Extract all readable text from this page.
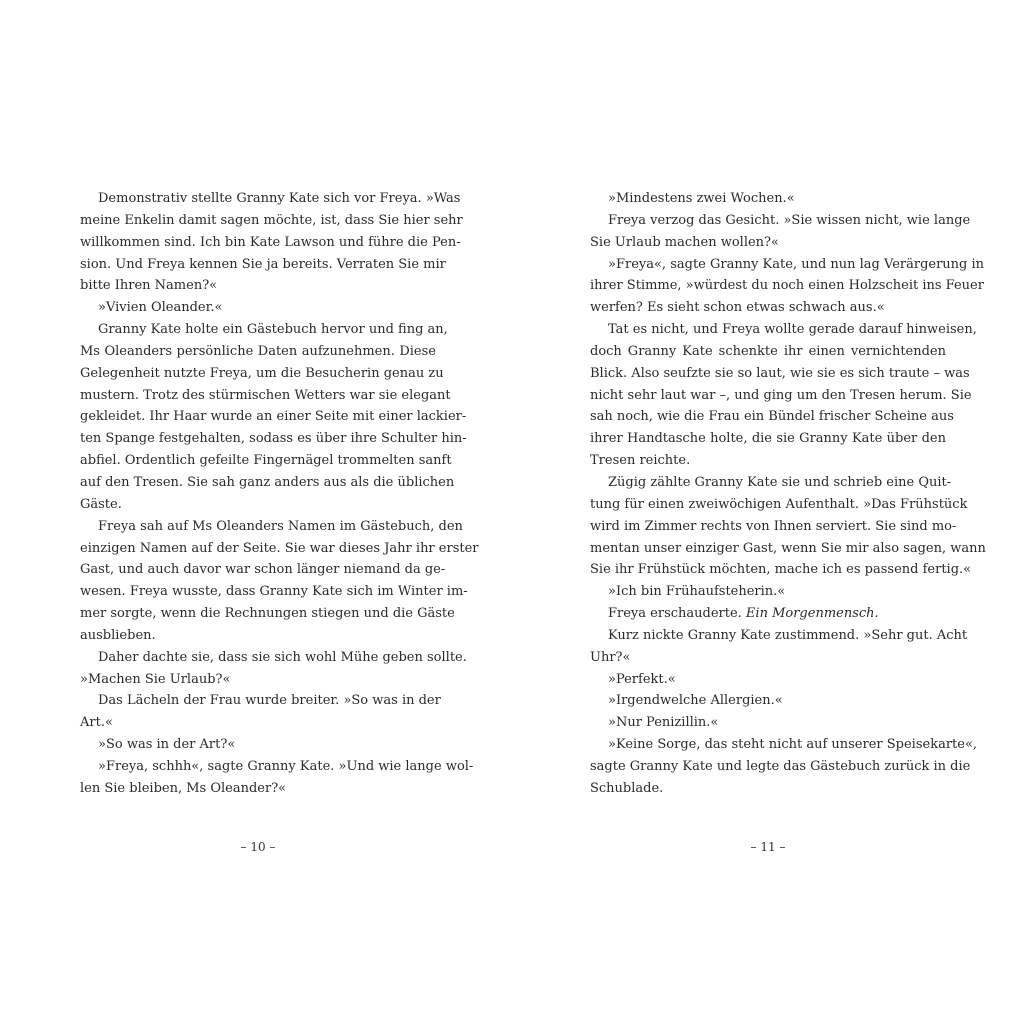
Demonstrativ stellte Granny Kate sich vor Freya. »Was
meine Enkelin damit sagen möchte, ist, dass Sie hier sehr
willkommen sind. Ich bin Kate Lawson und führe die Pen-
sion. Und Freya kennen Sie ja bereits. Verraten Sie mir
bitte Ihren Namen?«
»Vivien Oleander.«
Granny Kate holte ein Gästebuch hervor und fing an,
Ms Oleanders persönliche Daten aufzunehmen. Diese
Gelegenheit nutzte Freya, um die Besucherin genau zu
mustern. Trotz des stürmischen Wetters war sie elegant
gekleidet. Ihr Haar wurde an einer Seite mit einer lackier-
ten Spange festgehalten, sodass es über ihre Schulter hin-
abfiel. Ordentlich gefeilte Fingernägel trommelten sanft
auf den Tresen. Sie sah ganz anders aus als die üblichen
Gäste.
Freya sah auf Ms Oleanders Namen im Gästebuch, den
einzigen Namen auf der Seite. Sie war dieses Jahr ihr erster
Gast, und auch davor war schon länger niemand da ge-
wesen. Freya wusste, dass Granny Kate sich im Winter im-
mer sorgte, wenn die Rechnungen stiegen und die Gäste
ausblieben.
Daher dachte sie, dass sie sich wohl Mühe geben sollte.
»Machen Sie Urlaub?«
Das Lächeln der Frau wurde breiter. »So was in der
Art.«
»So was in der Art?«
»Freya, schhh«, sagte Granny Kate. »Und wie lange wol-
len Sie bleiben, Ms Oleander?«
»Mindestens zwei Wochen.«
Freya verzog das Gesicht. »Sie wissen nicht, wie lange
Sie Urlaub machen wollen?«
»Freya«, sagte Granny Kate, und nun lag Verärgerung in
ihrer Stimme, »würdest du noch einen Holzscheit ins Feuer
werfen? Es sieht schon etwas schwach aus.«
Tat es nicht, und Freya wollte gerade darauf hinweisen,
doch Granny Kate schenkte ihr einen vernichtenden
Blick. Also seufzte sie so laut, wie sie es sich traute – was
nicht sehr laut war –, und ging um den Tresen herum. Sie
sah noch, wie die Frau ein Bündel frischer Scheine aus
ihrer Handtasche holte, die sie Granny Kate über den
Tresen reichte.
Zügig zählte Granny Kate sie und schrieb eine Quit-
tung für einen zweiwöchigen Aufenthalt. »Das Frühstück
wird im Zimmer rechts von Ihnen serviert. Sie sind mo-
mentan unser einziger Gast, wenn Sie mir also sagen, wann
Sie ihr Frühstück möchten, mache ich es passend fertig.«
»Ich bin Frühaufsteherin.«
Freya erschauderte. Ein Morgenmensch.
Kurz nickte Granny Kate zustimmend. »Sehr gut. Acht
Uhr?«
»Perfekt.«
»Irgendwelche Allergien.«
»Nur Penizillin.«
»Keine Sorge, das steht nicht auf unserer Speisekarte«,
sagte Granny Kate und legte das Gästebuch zurück in die
Schublade.
– 10 –	– 11 –
